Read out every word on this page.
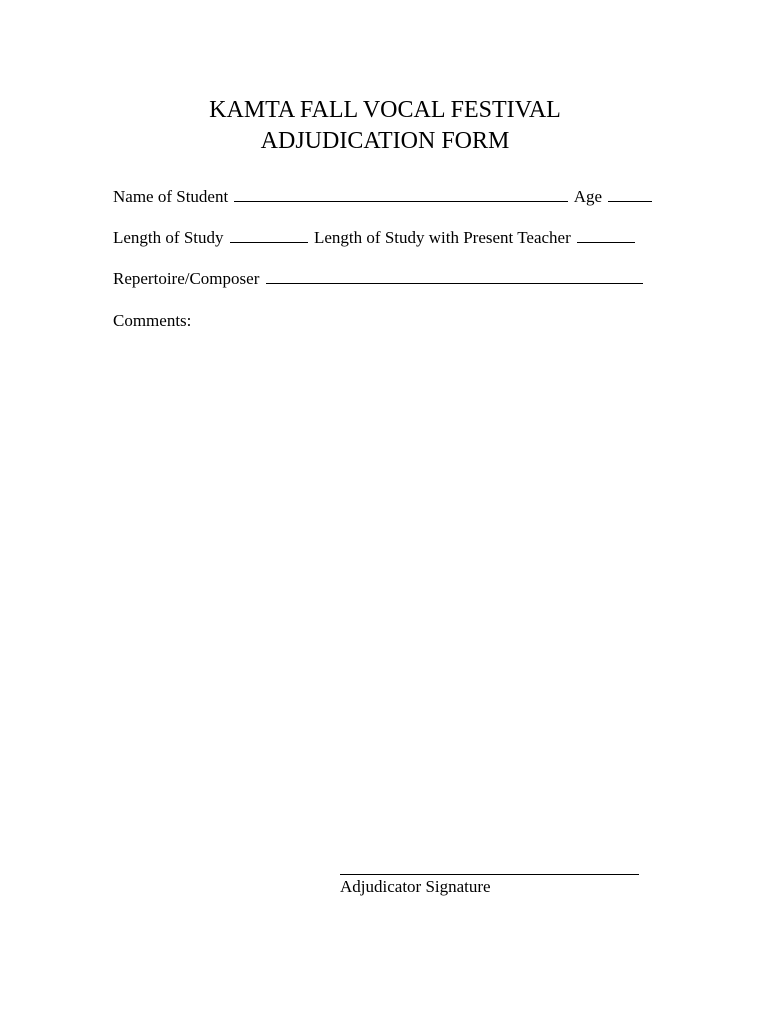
KAMTA FALL VOCAL FESTIVAL
ADJUDICATION FORM
Name of Student	Age
Length of Study	Length of Study with Present Teacher
Repertoire/Composer
Comments:
Adjudicator Signature
